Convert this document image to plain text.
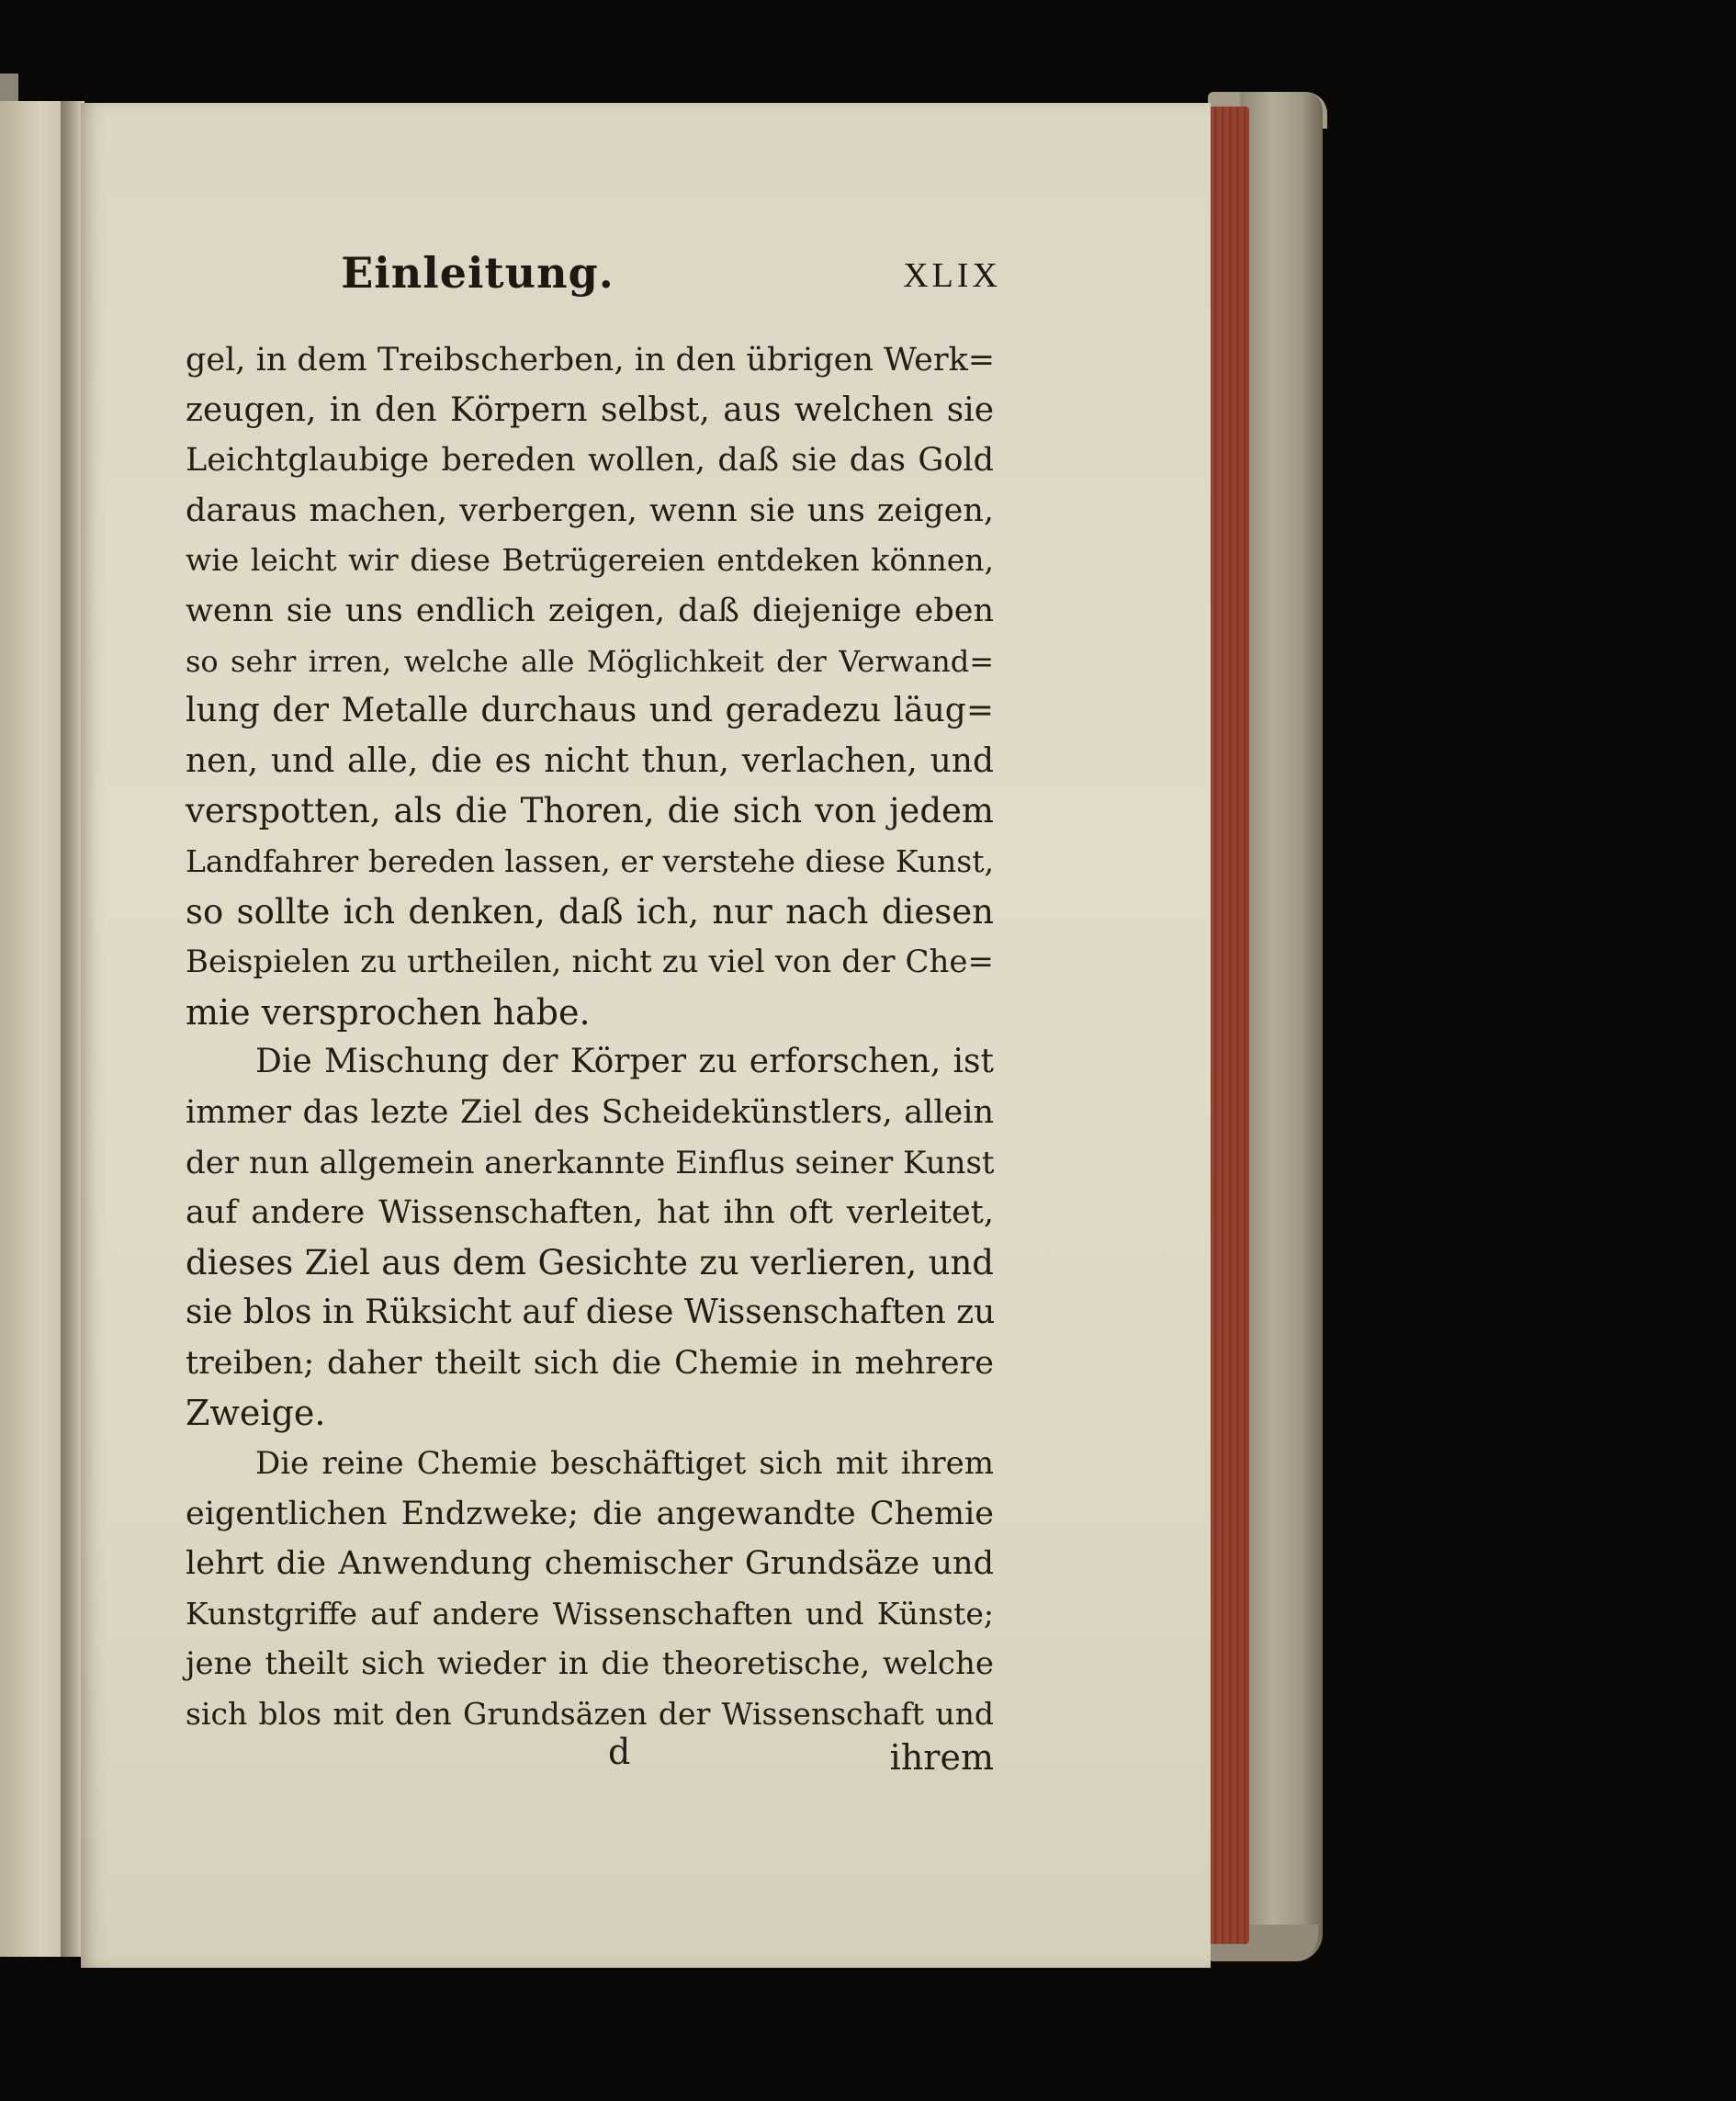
Einleitung.	XLIX
gel, in dem Treibscherben, in den übrigen Werk=
zeugen, in den Körpern selbst, aus welchen sie
Leichtglaubige bereden wollen, daß sie das Gold
daraus machen, verbergen, wenn sie uns zeigen,
wie leicht wir diese Betrügereien entdeken können,
wenn sie uns endlich zeigen, daß diejenige eben
so sehr irren, welche alle Möglichkeit der Verwand=
lung der Metalle durchaus und geradezu läug=
nen, und alle, die es nicht thun, verlachen, und
verspotten, als die Thoren, die sich von jedem
Landfahrer bereden lassen, er verstehe diese Kunst,
so sollte ich denken, daß ich, nur nach diesen
Beispielen zu urtheilen, nicht zu viel von der Che=
mie versprochen habe.
Die Mischung der Körper zu erforschen, ist
immer das lezte Ziel des Scheidekünstlers, allein
der nun allgemein anerkannte Einflus seiner Kunst
auf andere Wissenschaften, hat ihn oft verleitet,
dieses Ziel aus dem Gesichte zu verlieren, und
sie blos in Rüksicht auf diese Wissenschaften zu
treiben; daher theilt sich die Chemie in mehrere
Zweige.
Die reine Chemie beschäftiget sich mit ihrem
eigentlichen Endzweke; die angewandte Chemie
lehrt die Anwendung chemischer Grundsäze und
Kunstgriffe auf andere Wissenschaften und Künste;
jene theilt sich wieder in die theoretische, welche
sich blos mit den Grundsäzen der Wissenschaft und
d	ihrem
